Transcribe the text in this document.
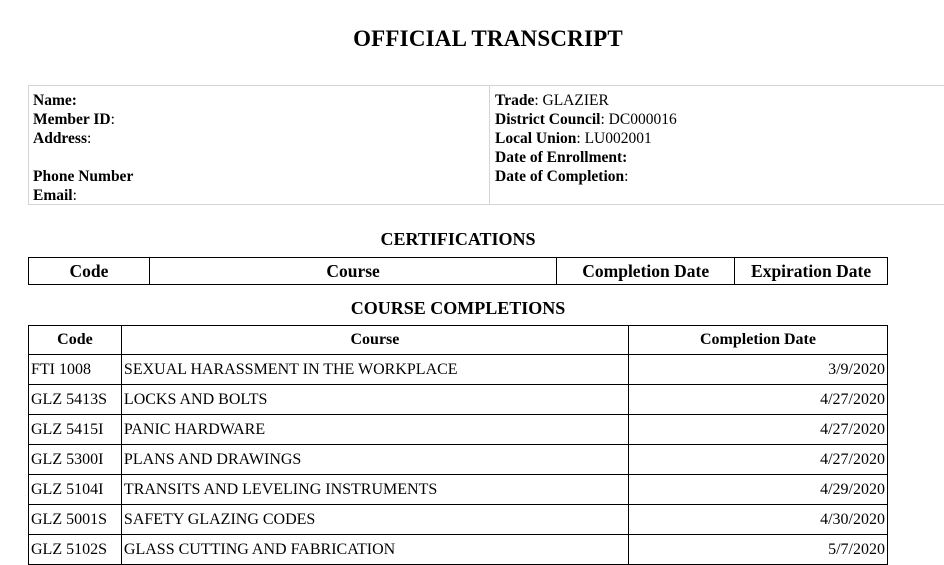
OFFICIAL TRANSCRIPT
Name:
Member ID:
Address:
Phone Number
Email:
Trade: GLAZIER
District Council: DC000016
Local Union: LU002001
Date of Enrollment:
Date of Completion:
CERTIFICATIONS
Code	Course	Completion Date	Expiration Date
COURSE COMPLETIONS
Code	Course	Completion Date
FTI 1008	SEXUAL HARASSMENT IN THE WORKPLACE	3/9/2020
GLZ 5413S	LOCKS AND BOLTS	4/27/2020
GLZ 5415I	PANIC HARDWARE	4/27/2020
GLZ 5300I	PLANS AND DRAWINGS	4/27/2020
GLZ 5104I	TRANSITS AND LEVELING INSTRUMENTS	4/29/2020
GLZ 5001S	SAFETY GLAZING CODES	4/30/2020
GLZ 5102S	GLASS CUTTING AND FABRICATION	5/7/2020
